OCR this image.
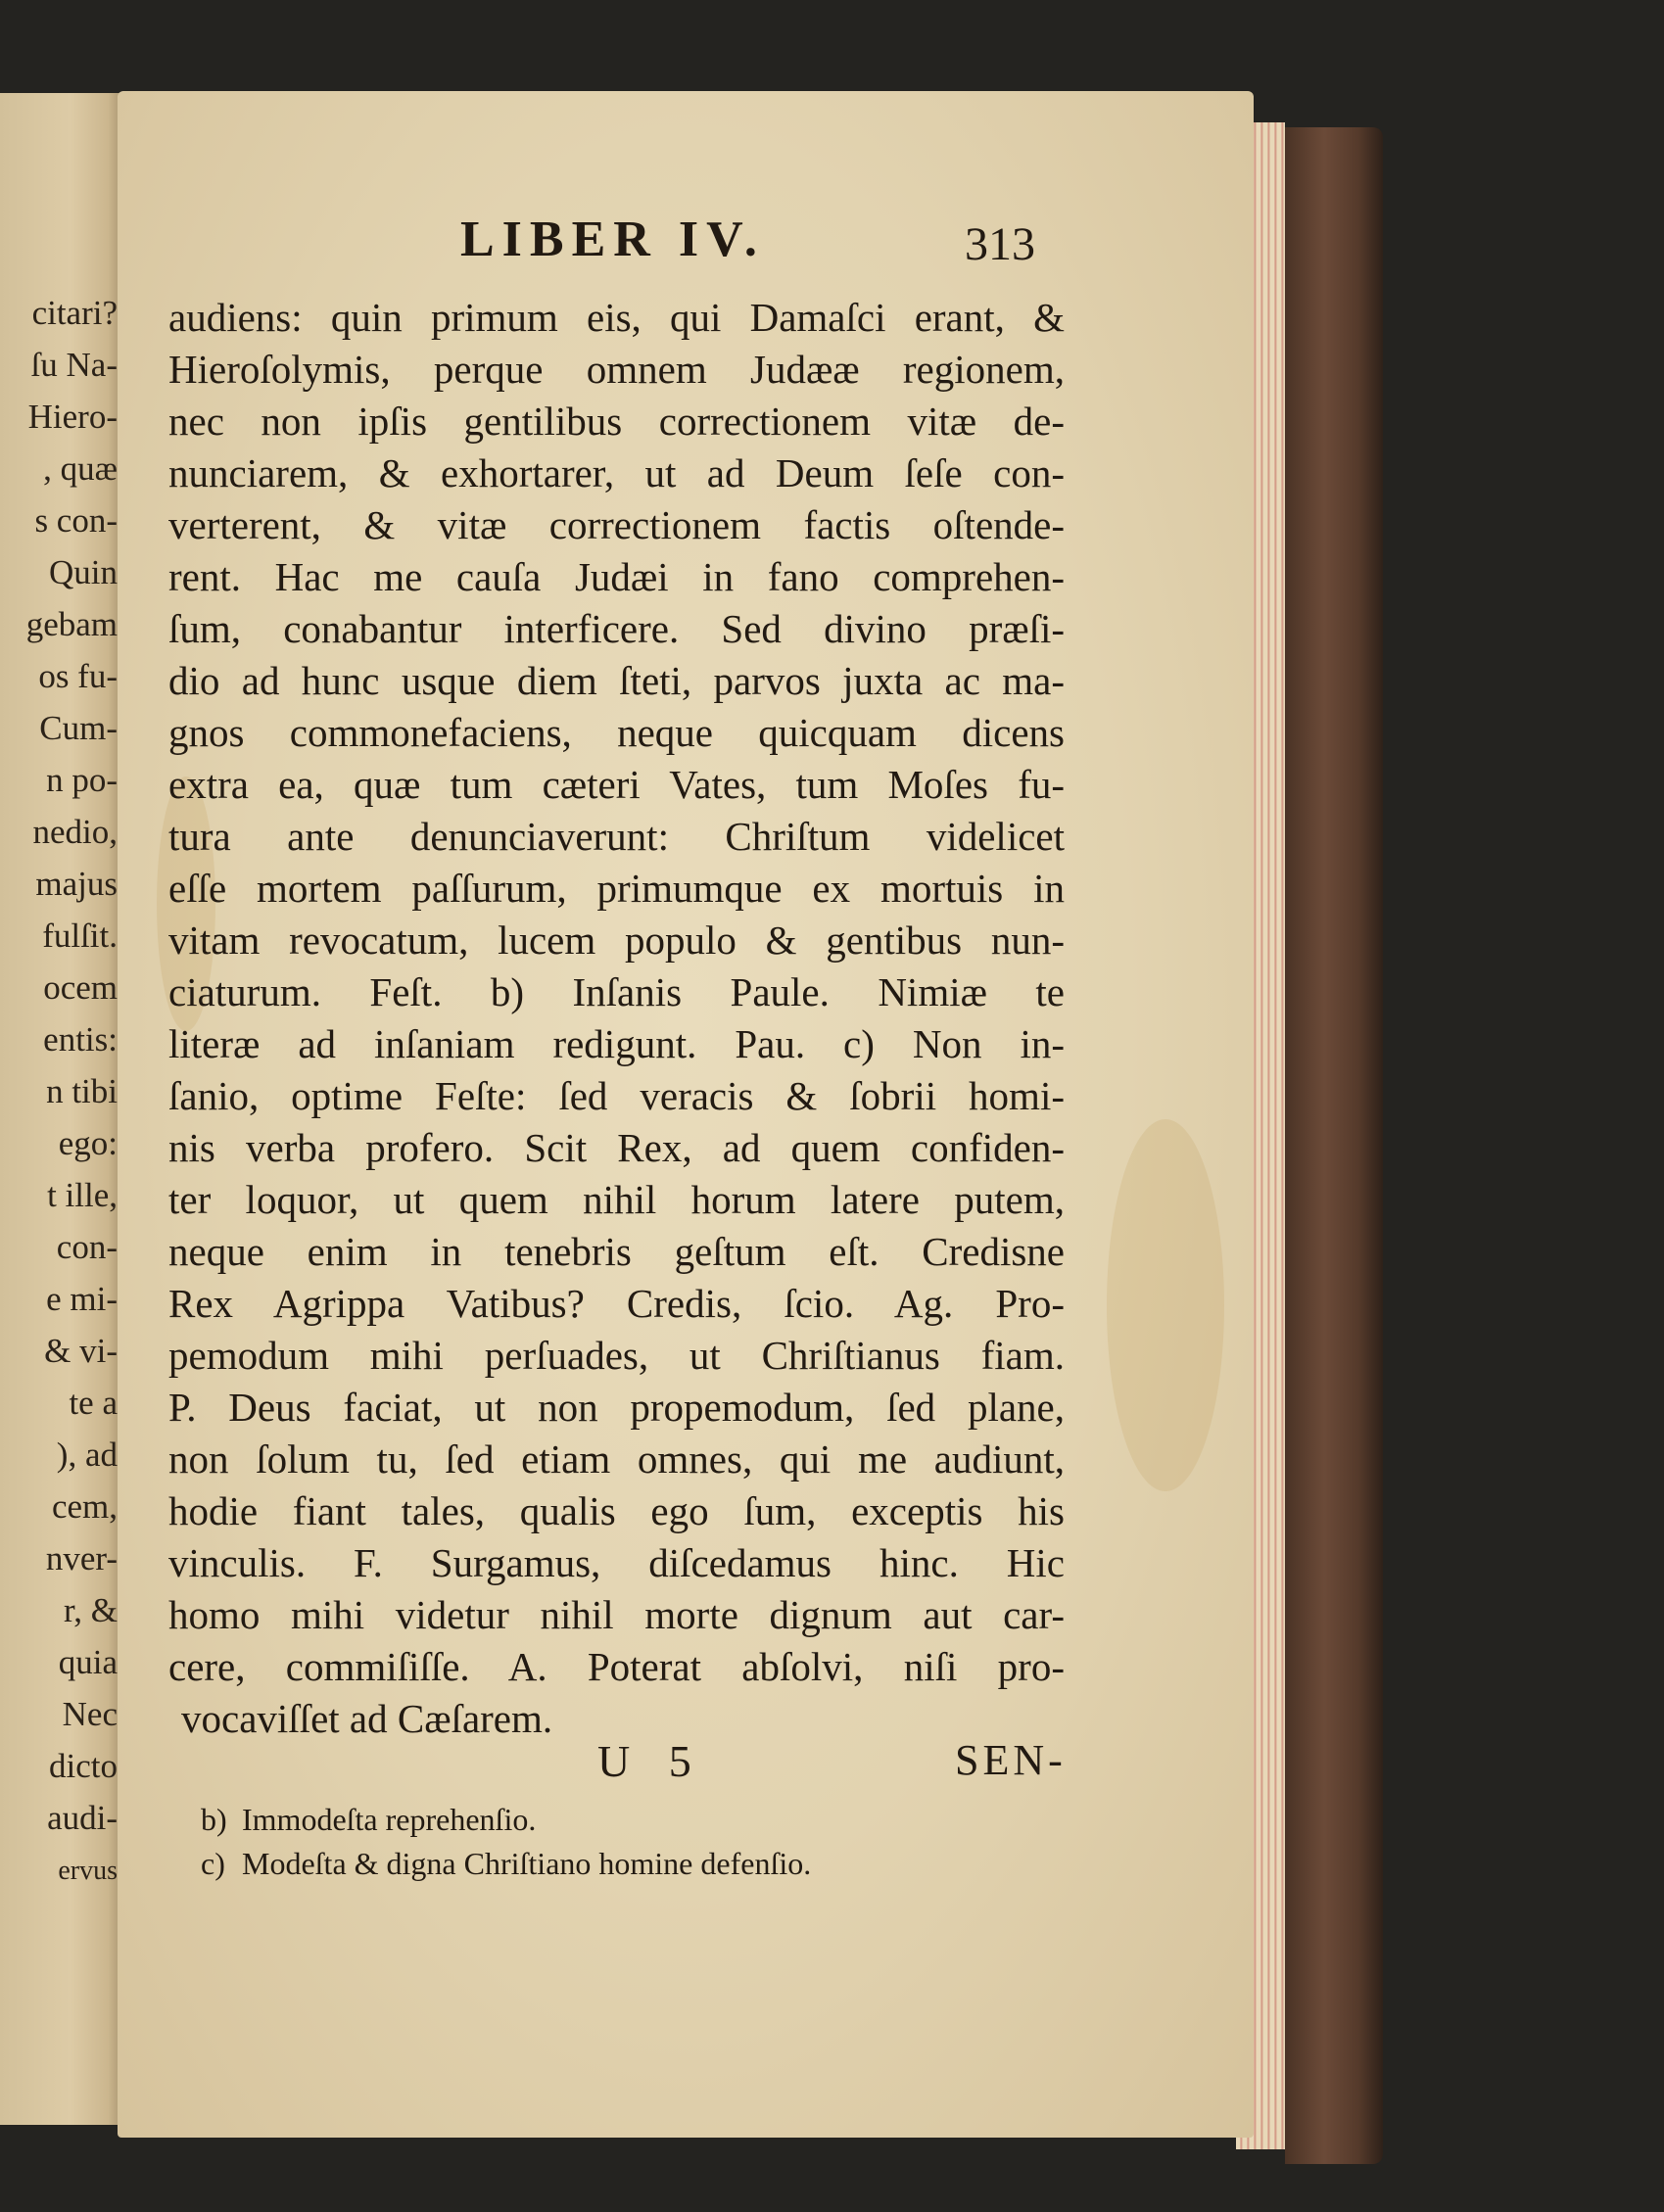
citari?
ſu Na-
Hiero-
, quæ
s con-
Quin
gebam
os fu-
Cum-
n po-
nedio,
majus
fulſit.
ocem
entis:
n tibi
ego:
t ille,
con-
e mi-
& vi-
te a
), ad
cem,
nver-
r, &
quia
Nec
dicto
audi-
ervus
LIBER IV.	313
audiens: quin primum eis, qui Damaſci erant, &
Hieroſolymis, perque omnem Judææ regionem,
nec non ipſis gentilibus correctionem vitæ de-
nunciarem, & exhortarer, ut ad Deum ſeſe con-
verterent, & vitæ correctionem factis oſtende-
rent. Hac me cauſa Judæi in fano comprehen-
ſum, conabantur interficere. Sed divino præſi-
dio ad hunc usque diem ſteti, parvos juxta ac ma-
gnos commonefaciens, neque quicquam dicens
extra ea, quæ tum cæteri Vates, tum Moſes fu-
tura ante denunciaverunt: Chriſtum videlicet
eſſe mortem paſſurum, primumque ex mortuis in
vitam revocatum, lucem populo & gentibus nun-
ciaturum. Feſt. b) Inſanis Paule. Nimiæ te
literæ ad inſaniam redigunt. Pau. c) Non in-
ſanio, optime Feſte: ſed veracis & ſobrii homi-
nis verba profero. Scit Rex, ad quem confiden-
ter loquor, ut quem nihil horum latere putem,
neque enim in tenebris geſtum eſt. Credisne
Rex Agrippa Vatibus? Credis, ſcio. Ag. Pro-
pemodum mihi perſuades, ut Chriſtianus fiam.
P. Deus faciat, ut non propemodum, ſed plane,
non ſolum tu, ſed etiam omnes, qui me audiunt,
hodie fiant tales, qualis ego ſum, exceptis his
vinculis. F. Surgamus, diſcedamus hinc. Hic
homo mihi videtur nihil morte dignum aut car-
cere, commiſiſſe. A. Poterat abſolvi, niſi pro-
vocaviſſet ad Cæſarem.
U 5	SEN-
b) Immodeſta reprehenſio.
c) Modeſta & digna Chriſtiano homine defenſio.
